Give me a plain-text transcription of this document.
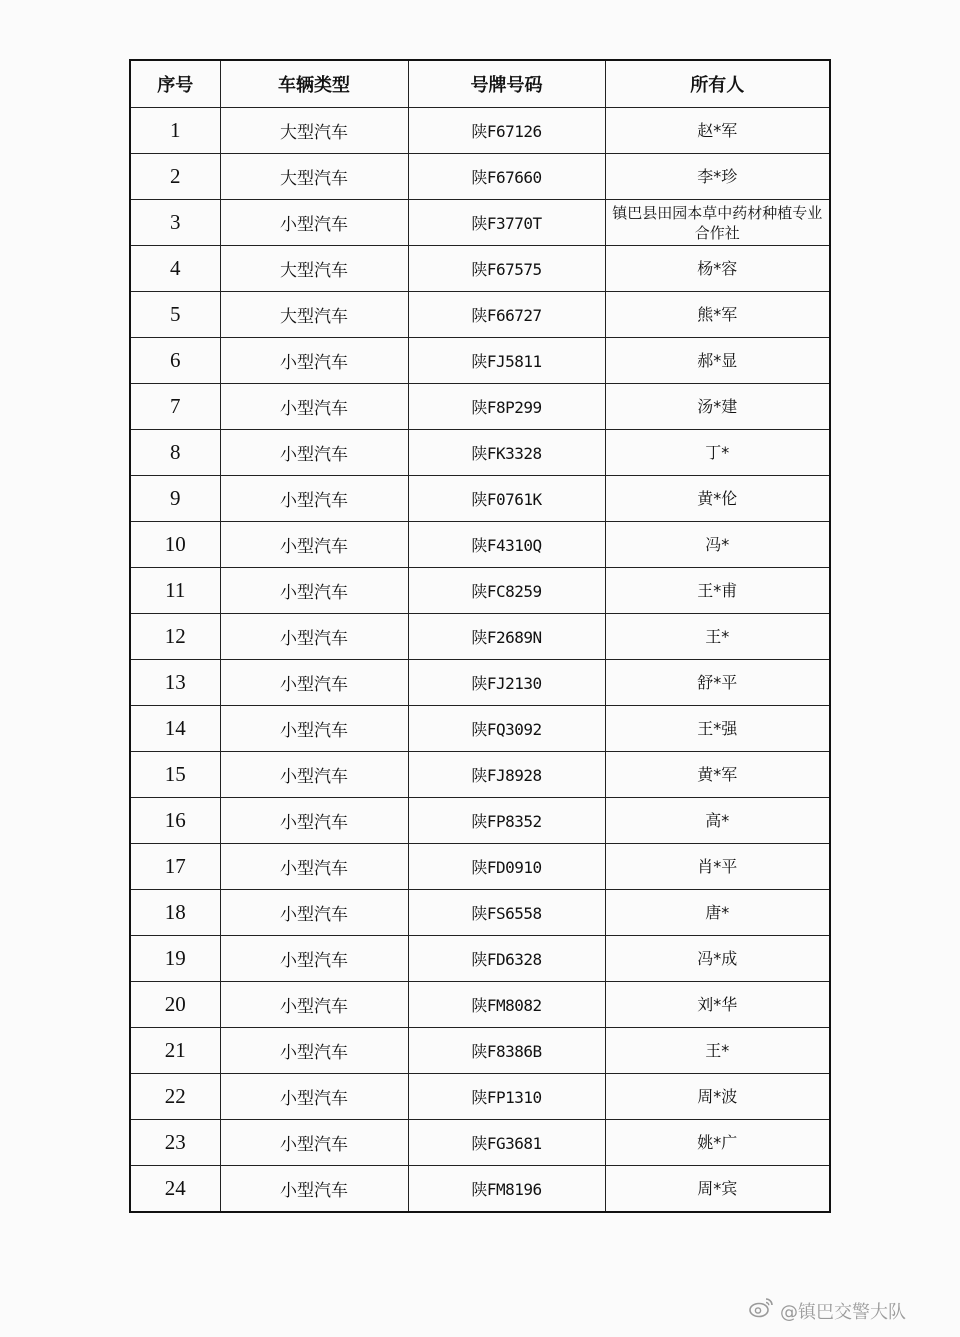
序号	车辆类型	号牌号码	所有人
1	大型汽车	陕F67126	赵*军
2	大型汽车	陕F67660	李*珍
3	小型汽车	陕F3770T	镇巴县田园本草中药材种植专业合作社
4	大型汽车	陕F67575	杨*容
5	大型汽车	陕F66727	熊*军
6	小型汽车	陕FJ5811	郝*显
7	小型汽车	陕F8P299	汤*建
8	小型汽车	陕FK3328	丁*
9	小型汽车	陕F0761K	黄*伦
10	小型汽车	陕F4310Q	冯*
11	小型汽车	陕FC8259	王*甫
12	小型汽车	陕F2689N	王*
13	小型汽车	陕FJ2130	舒*平
14	小型汽车	陕FQ3092	王*强
15	小型汽车	陕FJ8928	黄*军
16	小型汽车	陕FP8352	高*
17	小型汽车	陕FD0910	肖*平
18	小型汽车	陕FS6558	唐*
19	小型汽车	陕FD6328	冯*成
20	小型汽车	陕FM8082	刘*华
21	小型汽车	陕F8386B	王*
22	小型汽车	陕FP1310	周*波
23	小型汽车	陕FG3681	姚*广
24	小型汽车	陕FM8196	周*宾
@镇巴交警大队
